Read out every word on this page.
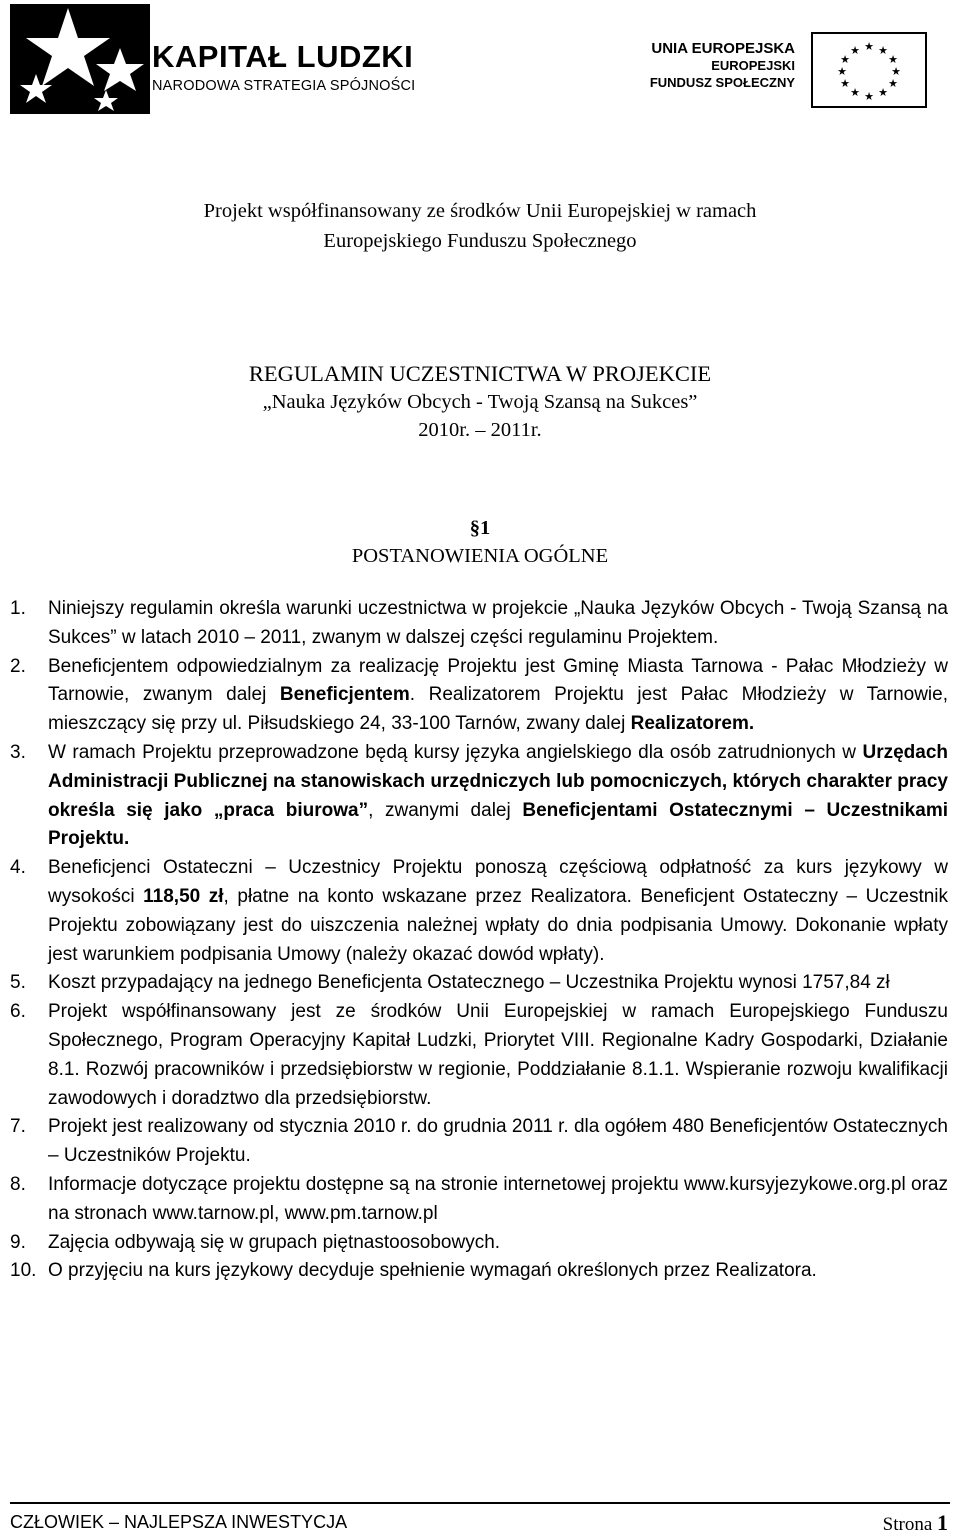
KAPITAŁ LUDZKI
NARODOWA STRATEGIA SPÓJNOŚCI
UNIA EUROPEJSKA
EUROPEJSKI
FUNDUSZ SPOŁECZNY
★ ★
★
★
★
★
★
★
★
★
★
★
Projekt współfinansowany ze środków Unii Europejskiej w ramach
Europejskiego Funduszu Społecznego
REGULAMIN UCZESTNICTWA W PROJEKCIE
„Nauka Języków Obcych - Twoją Szansą na Sukces”
2010r. – 2011r.
§1
POSTANOWIENIA OGÓLNE
1.	Niniejszy regulamin określa warunki uczestnictwa w projekcie „Nauka Języków Obcych - Twoją Szansą na Sukces” w latach 2010 – 2011, zwanym w dalszej części regulaminu Projektem.
2.	Beneficjentem odpowiedzialnym za realizację Projektu jest Gminę Miasta Tarnowa - Pałac Młodzieży w Tarnowie, zwanym dalej Beneficjentem. Realizatorem Projektu jest Pałac Młodzieży w Tarnowie, mieszczący się przy ul. Piłsudskiego 24, 33-100 Tarnów, zwany dalej Realizatorem.
3.	W ramach Projektu przeprowadzone będą kursy języka angielskiego dla osób zatrudnionych w Urzędach Administracji Publicznej na stanowiskach urzędniczych lub pomocniczych, których charakter pracy określa się jako „praca biurowa”, zwanymi dalej Beneficjentami Ostatecznymi – Uczestnikami Projektu.
4.	Beneficjenci Ostateczni – Uczestnicy Projektu ponoszą częściową odpłatność za kurs językowy w wysokości 118,50 zł, płatne na konto wskazane przez Realizatora. Beneficjent Ostateczny – Uczestnik Projektu zobowiązany jest do uiszczenia należnej wpłaty do dnia podpisania Umowy. Dokonanie wpłaty jest warunkiem podpisania Umowy (należy okazać dowód wpłaty).
5.	Koszt przypadający na jednego Beneficjenta Ostatecznego – Uczestnika Projektu wynosi 1757,84 zł
6.	Projekt współfinansowany jest ze środków Unii Europejskiej w ramach Europejskiego Funduszu Społecznego, Program Operacyjny Kapitał Ludzki, Priorytet VIII. Regionalne Kadry Gospodarki, Działanie 8.1. Rozwój pracowników i przedsiębiorstw w regionie, Poddziałanie 8.1.1. Wspieranie rozwoju kwalifikacji zawodowych i doradztwo dla przedsiębiorstw.
7.	Projekt jest realizowany od stycznia 2010 r. do grudnia 2011 r. dla ogółem 480 Beneficjentów Ostatecznych – Uczestników Projektu.
8.	Informacje dotyczące projektu dostępne są na stronie internetowej projektu www.kursyjezykowe.org.pl oraz na stronach www.tarnow.pl, www.pm.tarnow.pl
9.	Zajęcia odbywają się w grupach piętnastoosobowych.
10. O przyjęciu na kurs językowy decyduje spełnienie wymagań określonych przez Realizatora.
CZŁOWIEK – NAJLEPSZA INWESTYCJA	Strona 1
